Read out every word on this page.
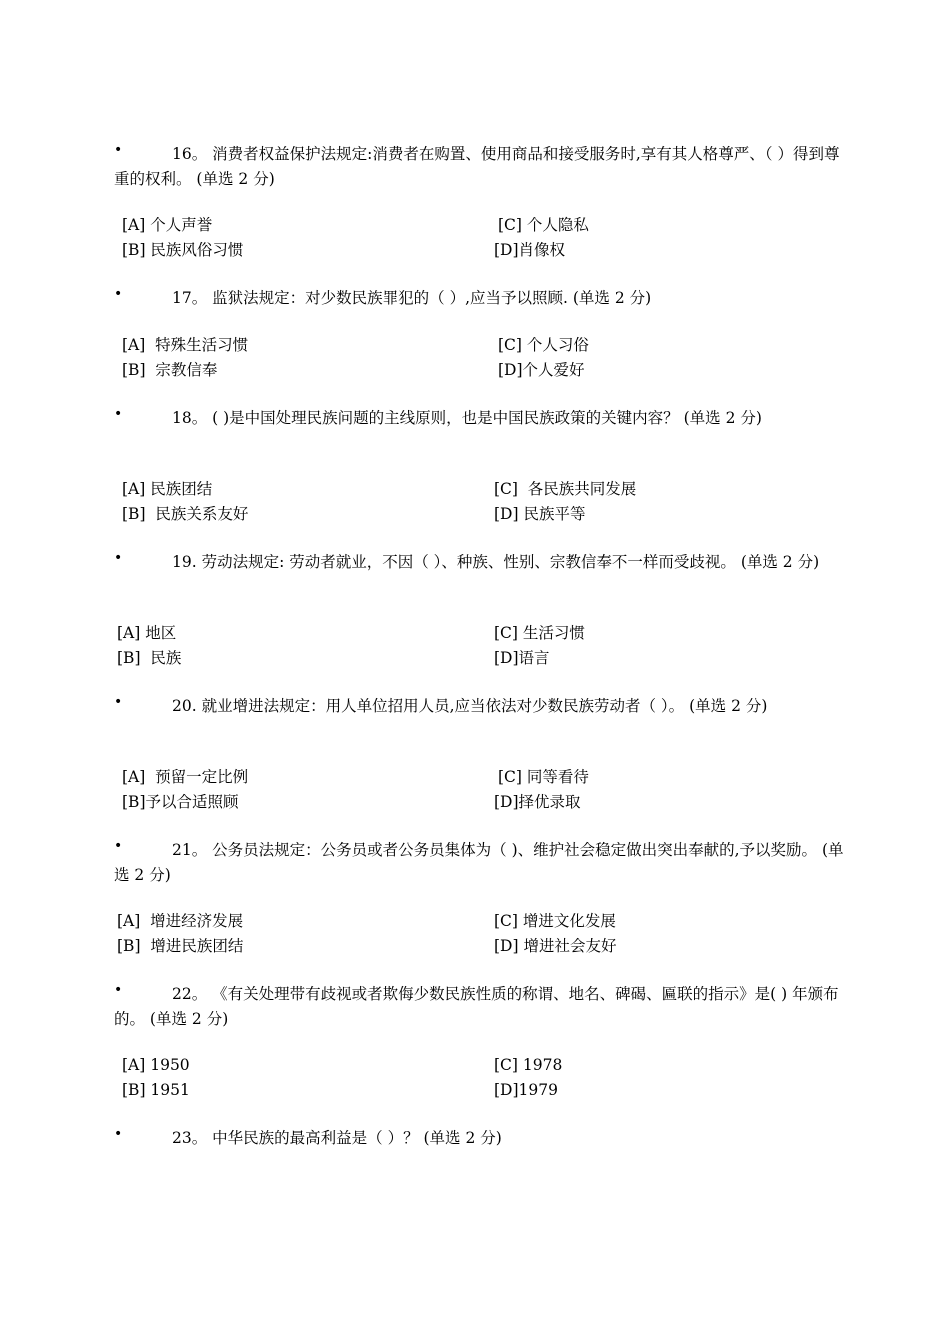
•	16。 消费者权益保护法规定:消费者在购置、使用商品和接受服务时,享有其人格尊严、（ ）得到尊重的权利。 (单选 2 分)

[A] 个人声誉	[C] 个人隐私
[B] 民族风俗习惯	[D]肖像权
•	17。 监狱法规定：对少数民族罪犯的（ ）,应当予以照顾. (单选 2 分)

[A]  特殊生活习惯	[C] 个人习俗
[B]  宗教信奉	[D]个人爱好
•	18。 ( )是中国处理民族问题的主线原则，也是中国民族政策的关键内容？ (单选 2 分)

[A] 民族团结	[C]  各民族共同发展
[B]  民族关系友好	[D] 民族平等
•	19. 劳动法规定: 劳动者就业，不因（ ）、种族、性别、宗教信奉不一样而受歧视。 (单选 2 分)

[A] 地区	[C] 生活习惯
[B]  民族	[D]语言
•	20. 就业增进法规定：用人单位招用人员,应当依法对少数民族劳动者（ ）。 (单选 2 分)

[A]  预留一定比例	[C] 同等看待
[B]予以合适照顾	[D]择优录取
•	21。 公务员法规定：公务员或者公务员集体为（ )、维护社会稳定做出突出奉献的,予以奖励。 (单选 2 分)

[A]  增进经济发展	[C] 增进文化发展
[B]  增进民族团结	[D] 增进社会友好
•	22。 《有关处理带有歧视或者欺侮少数民族性质的称谓、地名、碑碣、匾联的指示》是( ) 年颁布的。 (单选 2 分)

[A] 1950	[C] 1978
[B] 1951	[D]1979
•	23。 中华民族的最高利益是（ ）？ (单选 2 分)
